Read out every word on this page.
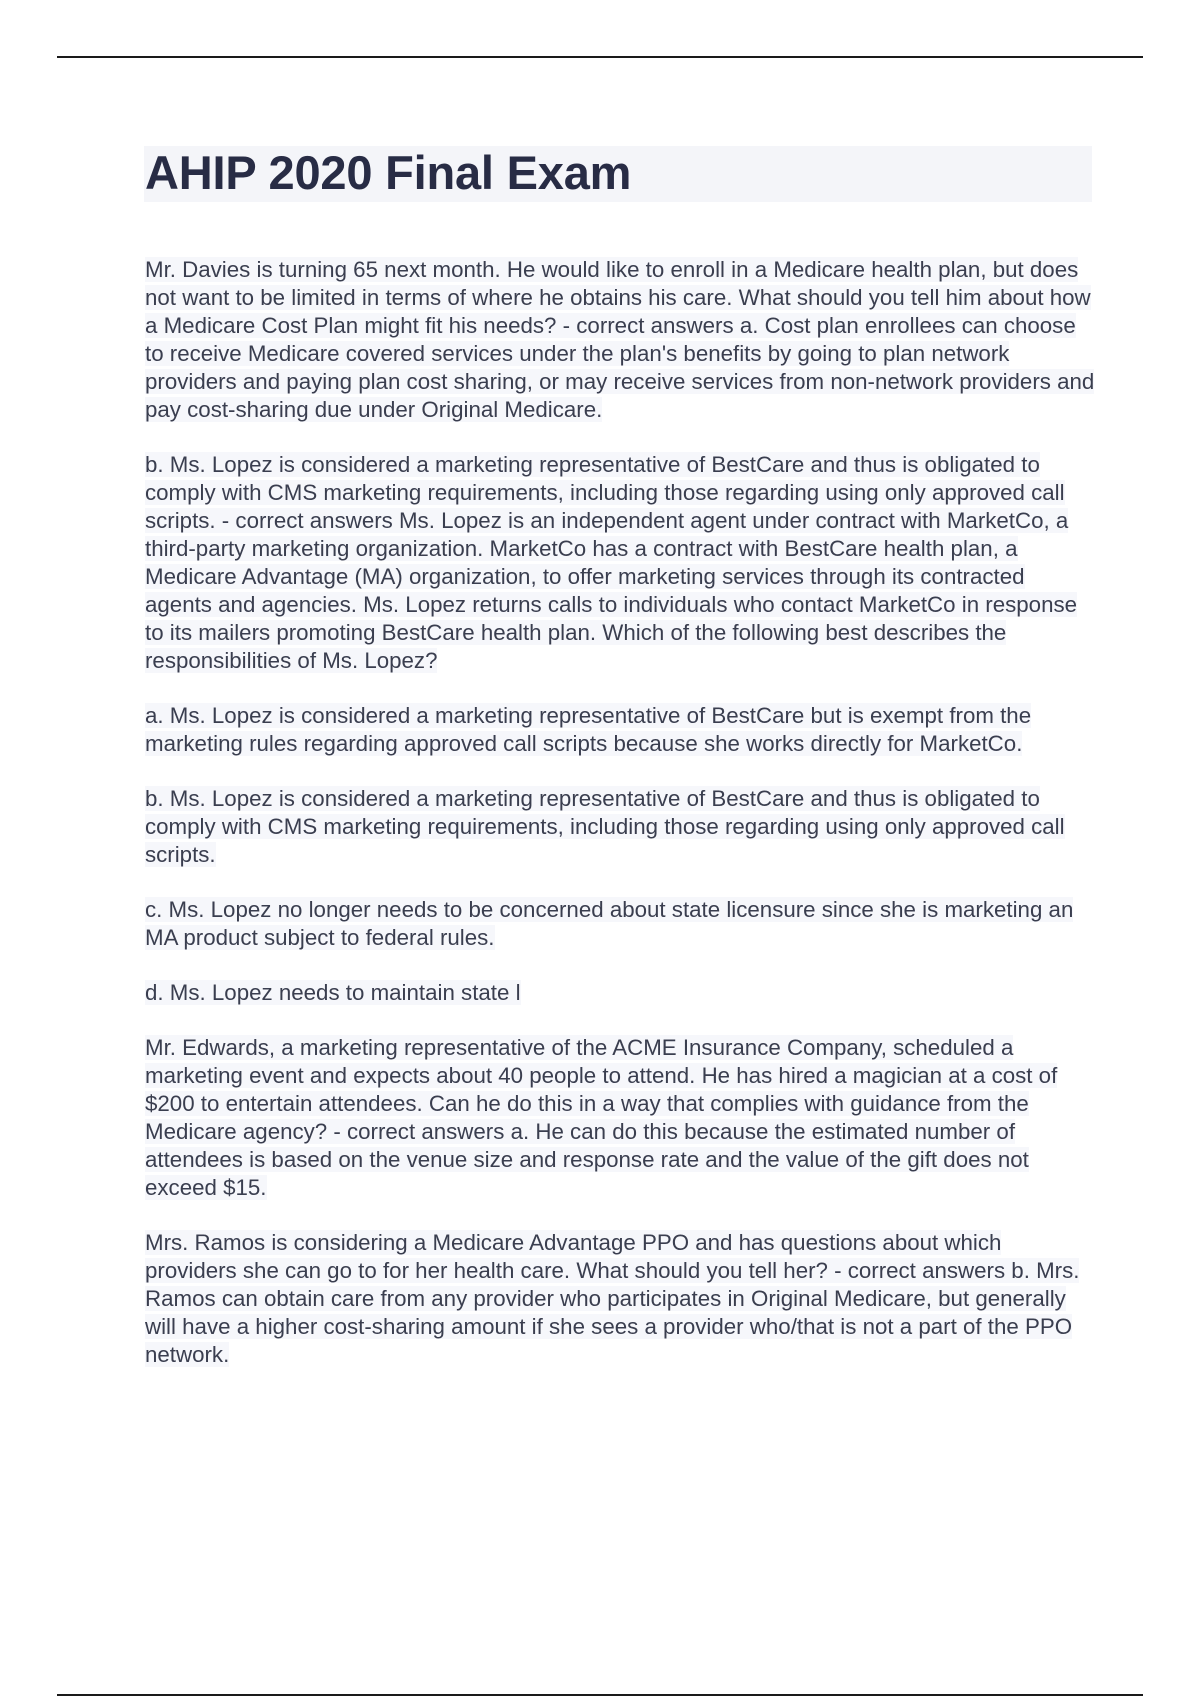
AHIP 2020 Final Exam

Mr. Davies is turning 65 next month. He would like to enroll in a Medicare health plan, but does not want to be limited in terms of where he obtains his care. What should you tell him about how a Medicare Cost Plan might fit his needs? - correct answers a. Cost plan enrollees can choose to receive Medicare covered services under the plan's benefits by going to plan network providers and paying plan cost sharing, or may receive services from non-network providers and pay cost-sharing due under Original Medicare.

b. Ms. Lopez is considered a marketing representative of BestCare and thus is obligated to comply with CMS marketing requirements, including those regarding using only approved call scripts. - correct answers Ms. Lopez is an independent agent under contract with MarketCo, a third-party marketing organization. MarketCo has a contract with BestCare health plan, a Medicare Advantage (MA) organization, to offer marketing services through its contracted agents and agencies. Ms. Lopez returns calls to individuals who contact MarketCo in response to its mailers promoting BestCare health plan. Which of the following best describes the responsibilities of Ms. Lopez?

a. Ms. Lopez is considered a marketing representative of BestCare but is exempt from the marketing rules regarding approved call scripts because she works directly for MarketCo.

b. Ms. Lopez is considered a marketing representative of BestCare and thus is obligated to comply with CMS marketing requirements, including those regarding using only approved call scripts.

c. Ms. Lopez no longer needs to be concerned about state licensure since she is marketing an MA product subject to federal rules.

d. Ms. Lopez needs to maintain state l

Mr. Edwards, a marketing representative of the ACME Insurance Company, scheduled a marketing event and expects about 40 people to attend. He has hired a magician at a cost of $200 to entertain attendees. Can he do this in a way that complies with guidance from the Medicare agency? - correct answers a. He can do this because the estimated number of attendees is based on the venue size and response rate and the value of the gift does not exceed $15.

Mrs. Ramos is considering a Medicare Advantage PPO and has questions about which providers she can go to for her health care. What should you tell her? - correct answers b. Mrs. Ramos can obtain care from any provider who participates in Original Medicare, but generally will have a higher cost-sharing amount if she sees a provider who/that is not a part of the PPO network.
